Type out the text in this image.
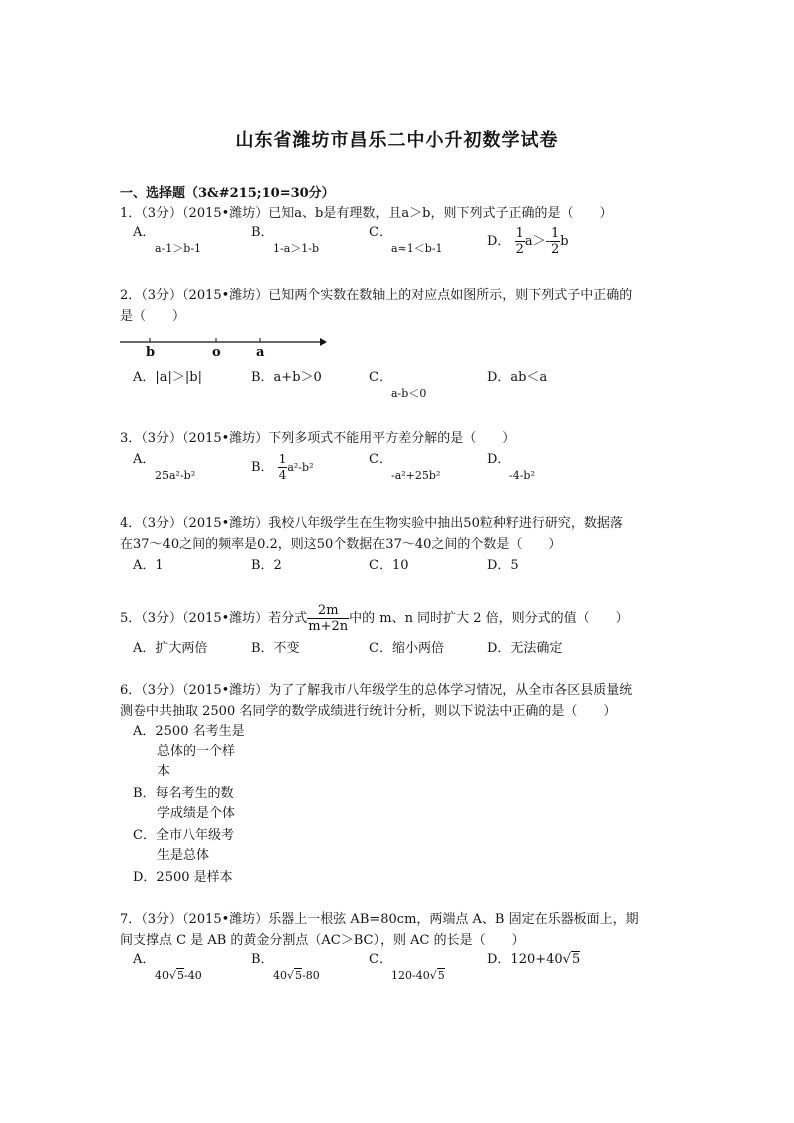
山东省潍坊市昌乐二中小升初数学试卷
一、选择题（3&#215;10=30分）
1．（3分）（2015•潍坊）已知a、b是有理数，且a＞b，则下列式子正确的是（　　）
A．
a-1＞b-1
B．
1-a＞1-b
C．
a≈1＜b-1	D． $\frac{1}{2} a>- \frac{1}{2}$ b
2．（3分）（2015•潍坊）已知两个实数在数轴上的对应点如图所示，则下列式子中正确的
是（　　）
b	o	a
A．|a|＞|b|	B．a+b＞0	C．
a-b＜0
D．ab＜a
3．（3分）（2015•潍坊）下列多项式不能用平方差分解的是（　　）
A．
25a²-b²
B． $\frac{1}{4} a^2-b^2$
C．
-a²+25b²
D．
-4-b²
4．（3分）（2015•潍坊）我校八年级学生在生物实验中抽出50粒种籽进行研究，数据落
在37～40之间的频率是0.2，则这50个数据在37～40之间的个数是（　　）
A．1	B．2	C．10	D．5
5．（3分）（2015•潍坊）若分式 $\frac{2m}{m+2n}$ 中的 m、n 同时扩大 2 倍，则分式的值（　　）
A．扩大两倍	B．不变	C．缩小两倍	D．无法确定
6．（3分）（2015•潍坊）为了了解我市八年级学生的总体学习情况，从全市各区县质量统
测卷中共抽取 2500 名同学的数学成绩进行统计分析，则以下说法中正确的是（　　）
A．2500 名考生是
总体的一个样
本
B．每名考生的数
学成绩是个体
C．全市八年级考
生是总体
D．2500 是样本
7．（3分）（2015•潍坊）乐器上一根弦 AB=80cm，两端点 A、B 固定在乐器板面上，期
间支撑点 C 是 AB 的黄金分割点（AC＞BC），则 AC 的长是（　　）
A．
40√5-40
B．
40√5-80
C．
120-40√5
D．120+40√5
